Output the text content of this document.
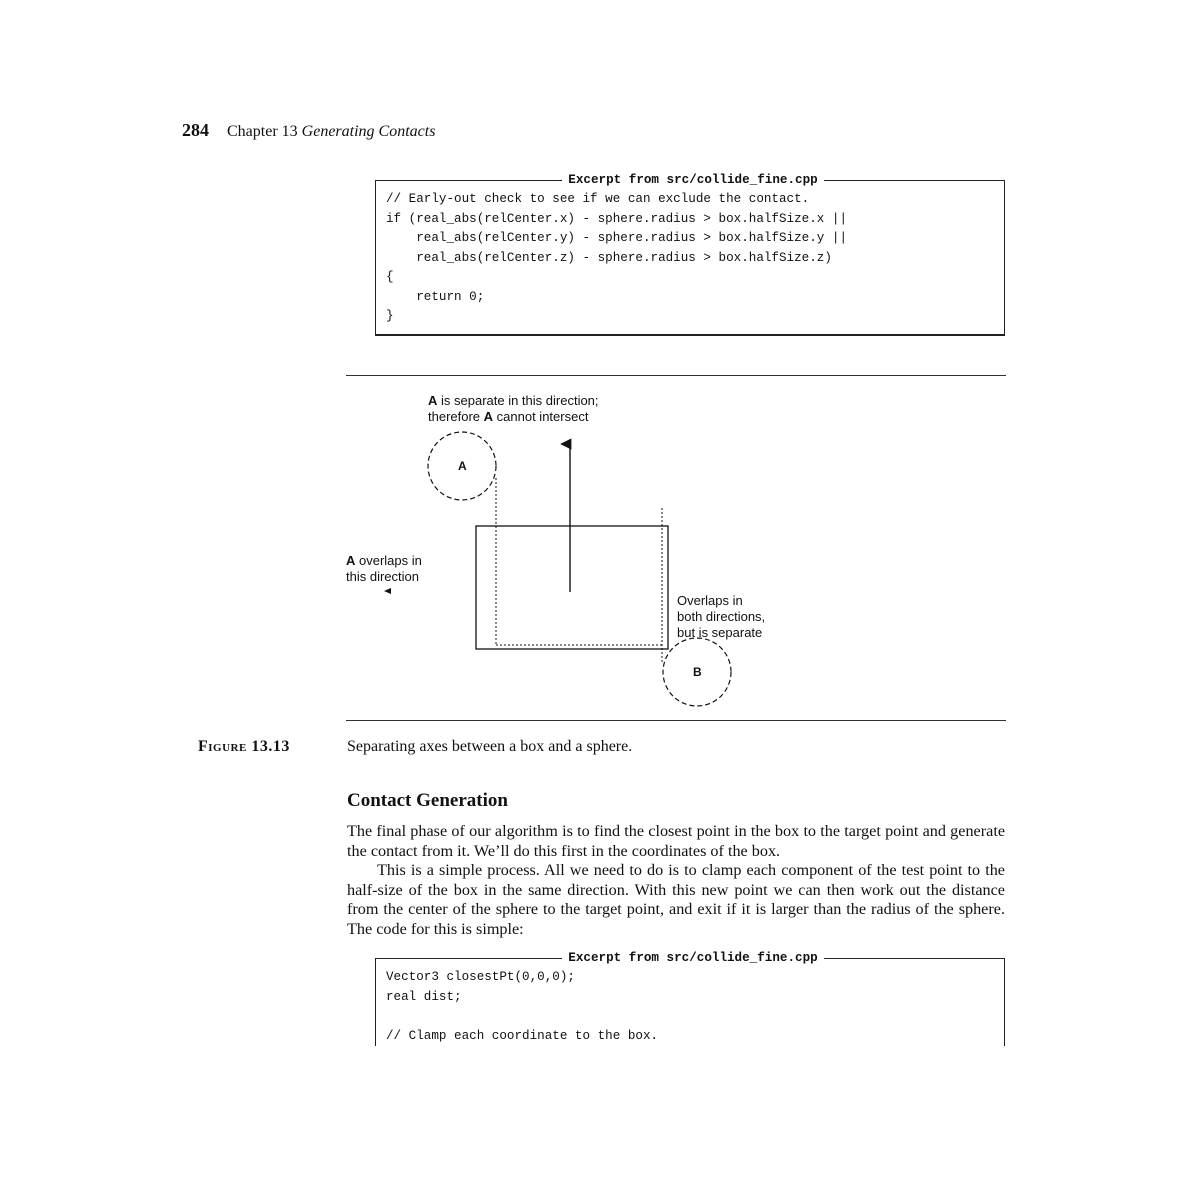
284 Chapter 13 Generating Contacts
Excerpt from src/collide_fine.cpp
// Early-out check to see if we can exclude the contact.
if (real_abs(relCenter.x) - sphere.radius > box.halfSize.x ||
real_abs(relCenter.y) - sphere.radius > box.halfSize.y ||
real_abs(relCenter.z) - sphere.radius > box.halfSize.z)
{
return 0;
}
A is separate in this direction;
therefore A cannot intersect
A overlaps in
this direction
Overlaps in
both directions,
but is separate
A
B
Figure 13.13	Separating axes between a box and a sphere.
Contact Generation
The final phase of our algorithm is to find the closest point in the box to the target point and generate the contact from it. We’ll do this first in the coordinates of the box.
This is a simple process. All we need to do is to clamp each component of the test point to the half-size of the box in the same direction. With this new point we can then work out the distance from the center of the sphere to the target point, and exit if it is larger than the radius of the sphere. The code for this is simple:
Excerpt from src/collide_fine.cpp
Vector3 closestPt(0,0,0);
real dist;
// Clamp each coordinate to the box.
